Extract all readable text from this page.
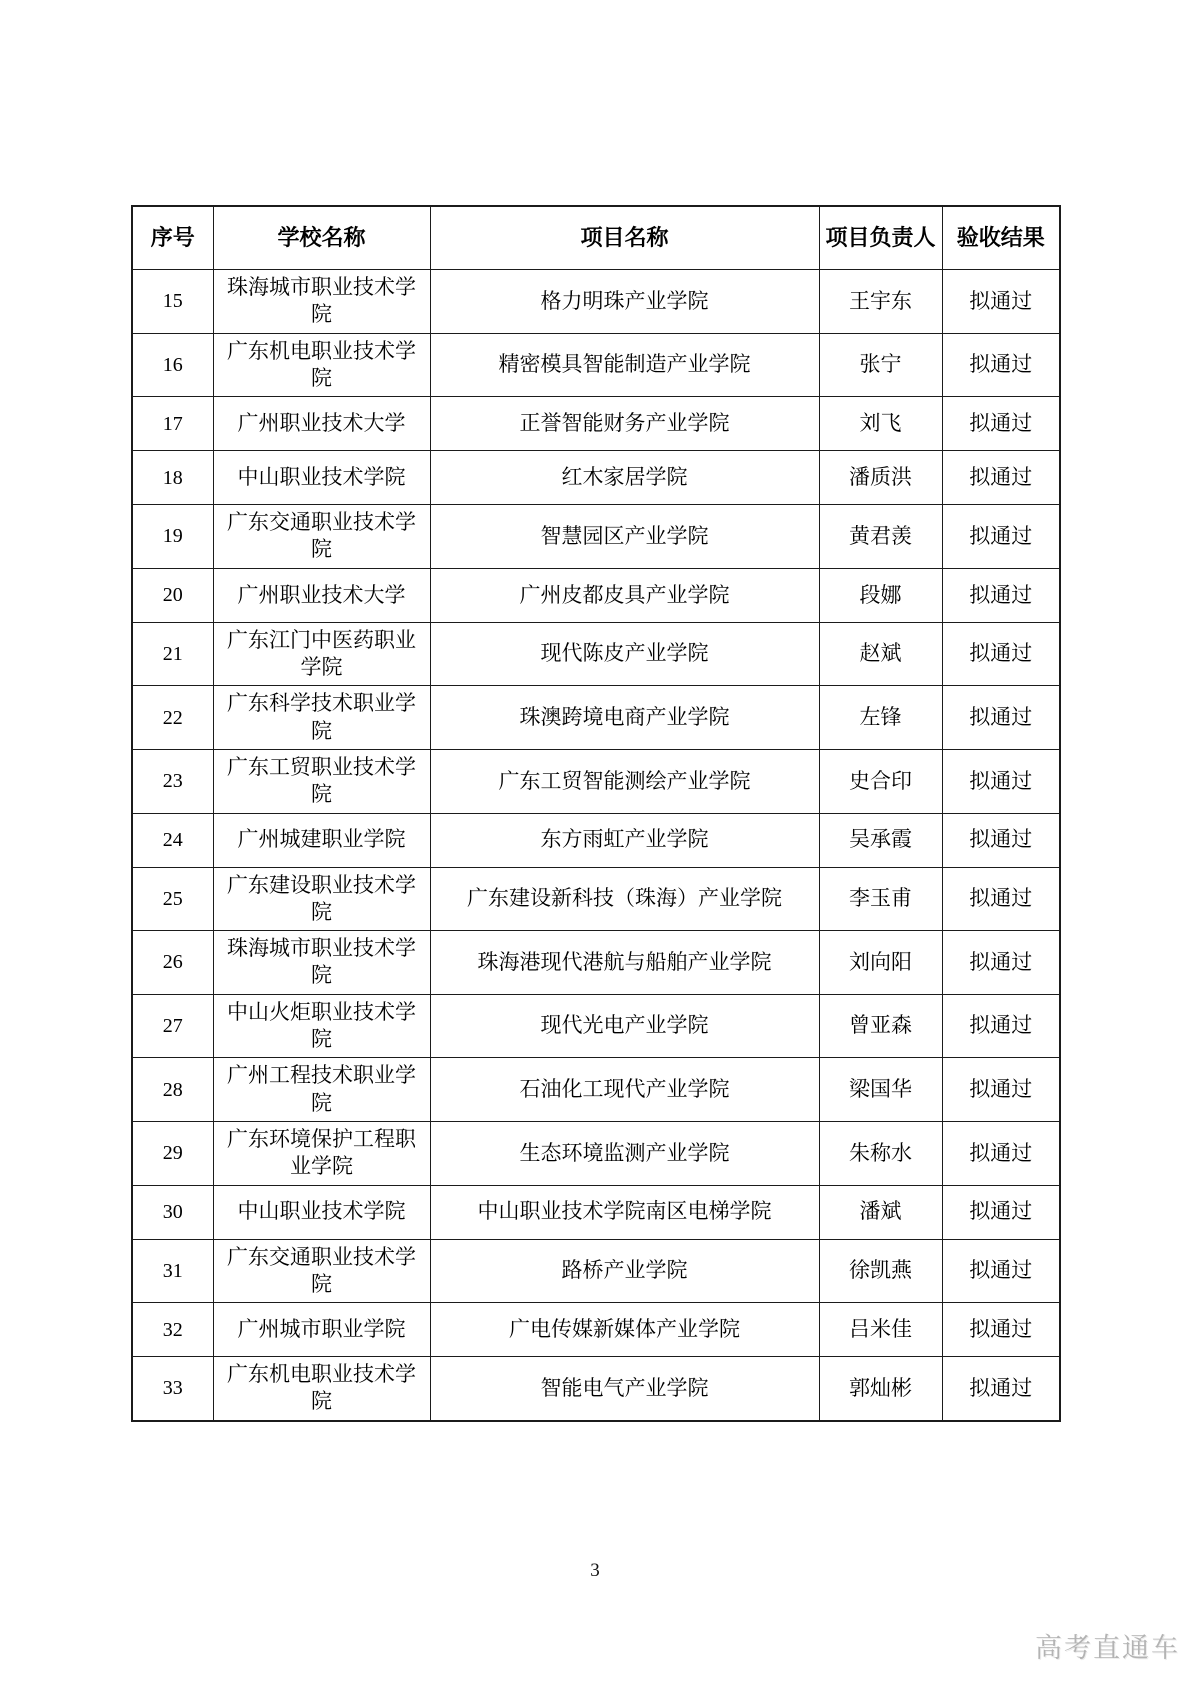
序号	学校名称	项目名称	项目负责人	验收结果
15	珠海城市职业技术学院	格力明珠产业学院	王宇东	拟通过
16	广东机电职业技术学院	精密模具智能制造产业学院	张宁	拟通过
17	广州职业技术大学	正誉智能财务产业学院	刘飞	拟通过
18	中山职业技术学院	红木家居学院	潘质洪	拟通过
19	广东交通职业技术学院	智慧园区产业学院	黄君羡	拟通过
20	广州职业技术大学	广州皮都皮具产业学院	段娜	拟通过
21	广东江门中医药职业学院	现代陈皮产业学院	赵斌	拟通过
22	广东科学技术职业学院	珠澳跨境电商产业学院	左锋	拟通过
23	广东工贸职业技术学院	广东工贸智能测绘产业学院	史合印	拟通过
24	广州城建职业学院	东方雨虹产业学院	吴承霞	拟通过
25	广东建设职业技术学院	广东建设新科技（珠海）产业学院	李玉甫	拟通过
26	珠海城市职业技术学院	珠海港现代港航与船舶产业学院	刘向阳	拟通过
27	中山火炬职业技术学院	现代光电产业学院	曾亚森	拟通过
28	广州工程技术职业学院	石油化工现代产业学院	梁国华	拟通过
29	广东环境保护工程职业学院	生态环境监测产业学院	朱称水	拟通过
30	中山职业技术学院	中山职业技术学院南区电梯学院	潘斌	拟通过
31	广东交通职业技术学院	路桥产业学院	徐凯燕	拟通过
32	广州城市职业学院	广电传媒新媒体产业学院	吕米佳	拟通过
33	广东机电职业技术学院	智能电气产业学院	郭灿彬	拟通过
3
高考直通车
